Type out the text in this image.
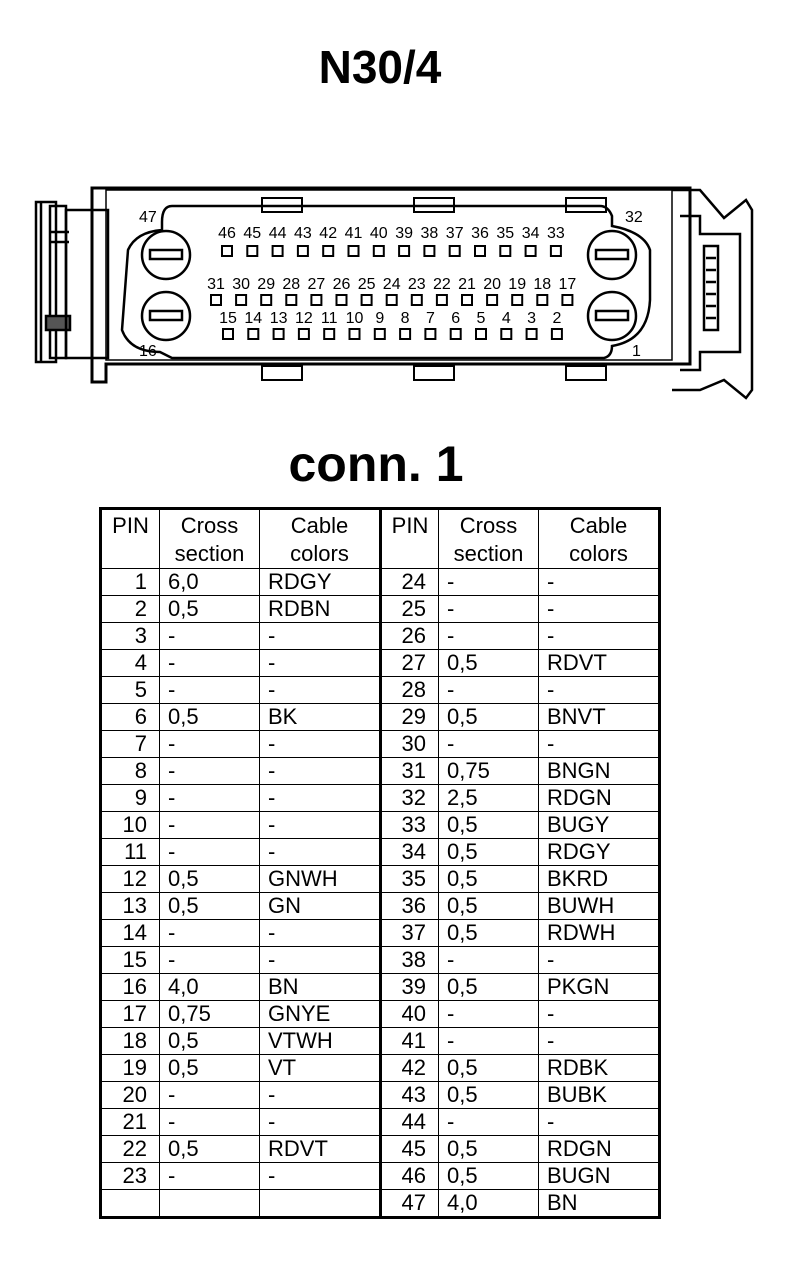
N30/4
46 45 44 43 42 41 40 39 38 37 36 35 34 33
31 30 29 28 27 26 25 24 23 22 21 20 19 18 17
15 14 13 12 11 10 9 8 7 6 5 4 3 2
47	32
16	1
conn. 1
PIN	Cross section	Cable colors	PIN	Cross section	Cable colors
1	6,0	RDGY	24	-	-
2	0,5	RDBN	25	-	-
3	-	-	26	-	-
4	-	-	27	0,5	RDVT
5	-	-	28	-	-
6	0,5	BK	29	0,5	BNVT
7	-	-	30	-	-
8	-	-	31	0,75	BNGN
9	-	-	32	2,5	RDGN
10	-	-	33	0,5	BUGY
11	-	-	34	0,5	RDGY
12	0,5	GNWH	35	0,5	BKRD
13	0,5	GN	36	0,5	BUWH
14	-	-	37	0,5	RDWH
15	-	-	38	-	-
16	4,0	BN	39	0,5	PKGN
17	0,75	GNYE	40	-	-
18	0,5	VTWH	41	-	-
19	0,5	VT	42	0,5	RDBK
20	-	-	43	0,5	BUBK
21	-	-	44	-	-
22	0,5	RDVT	45	0,5	RDGN
23	-	-	46	0,5	BUGN
			47	4,0	BN
